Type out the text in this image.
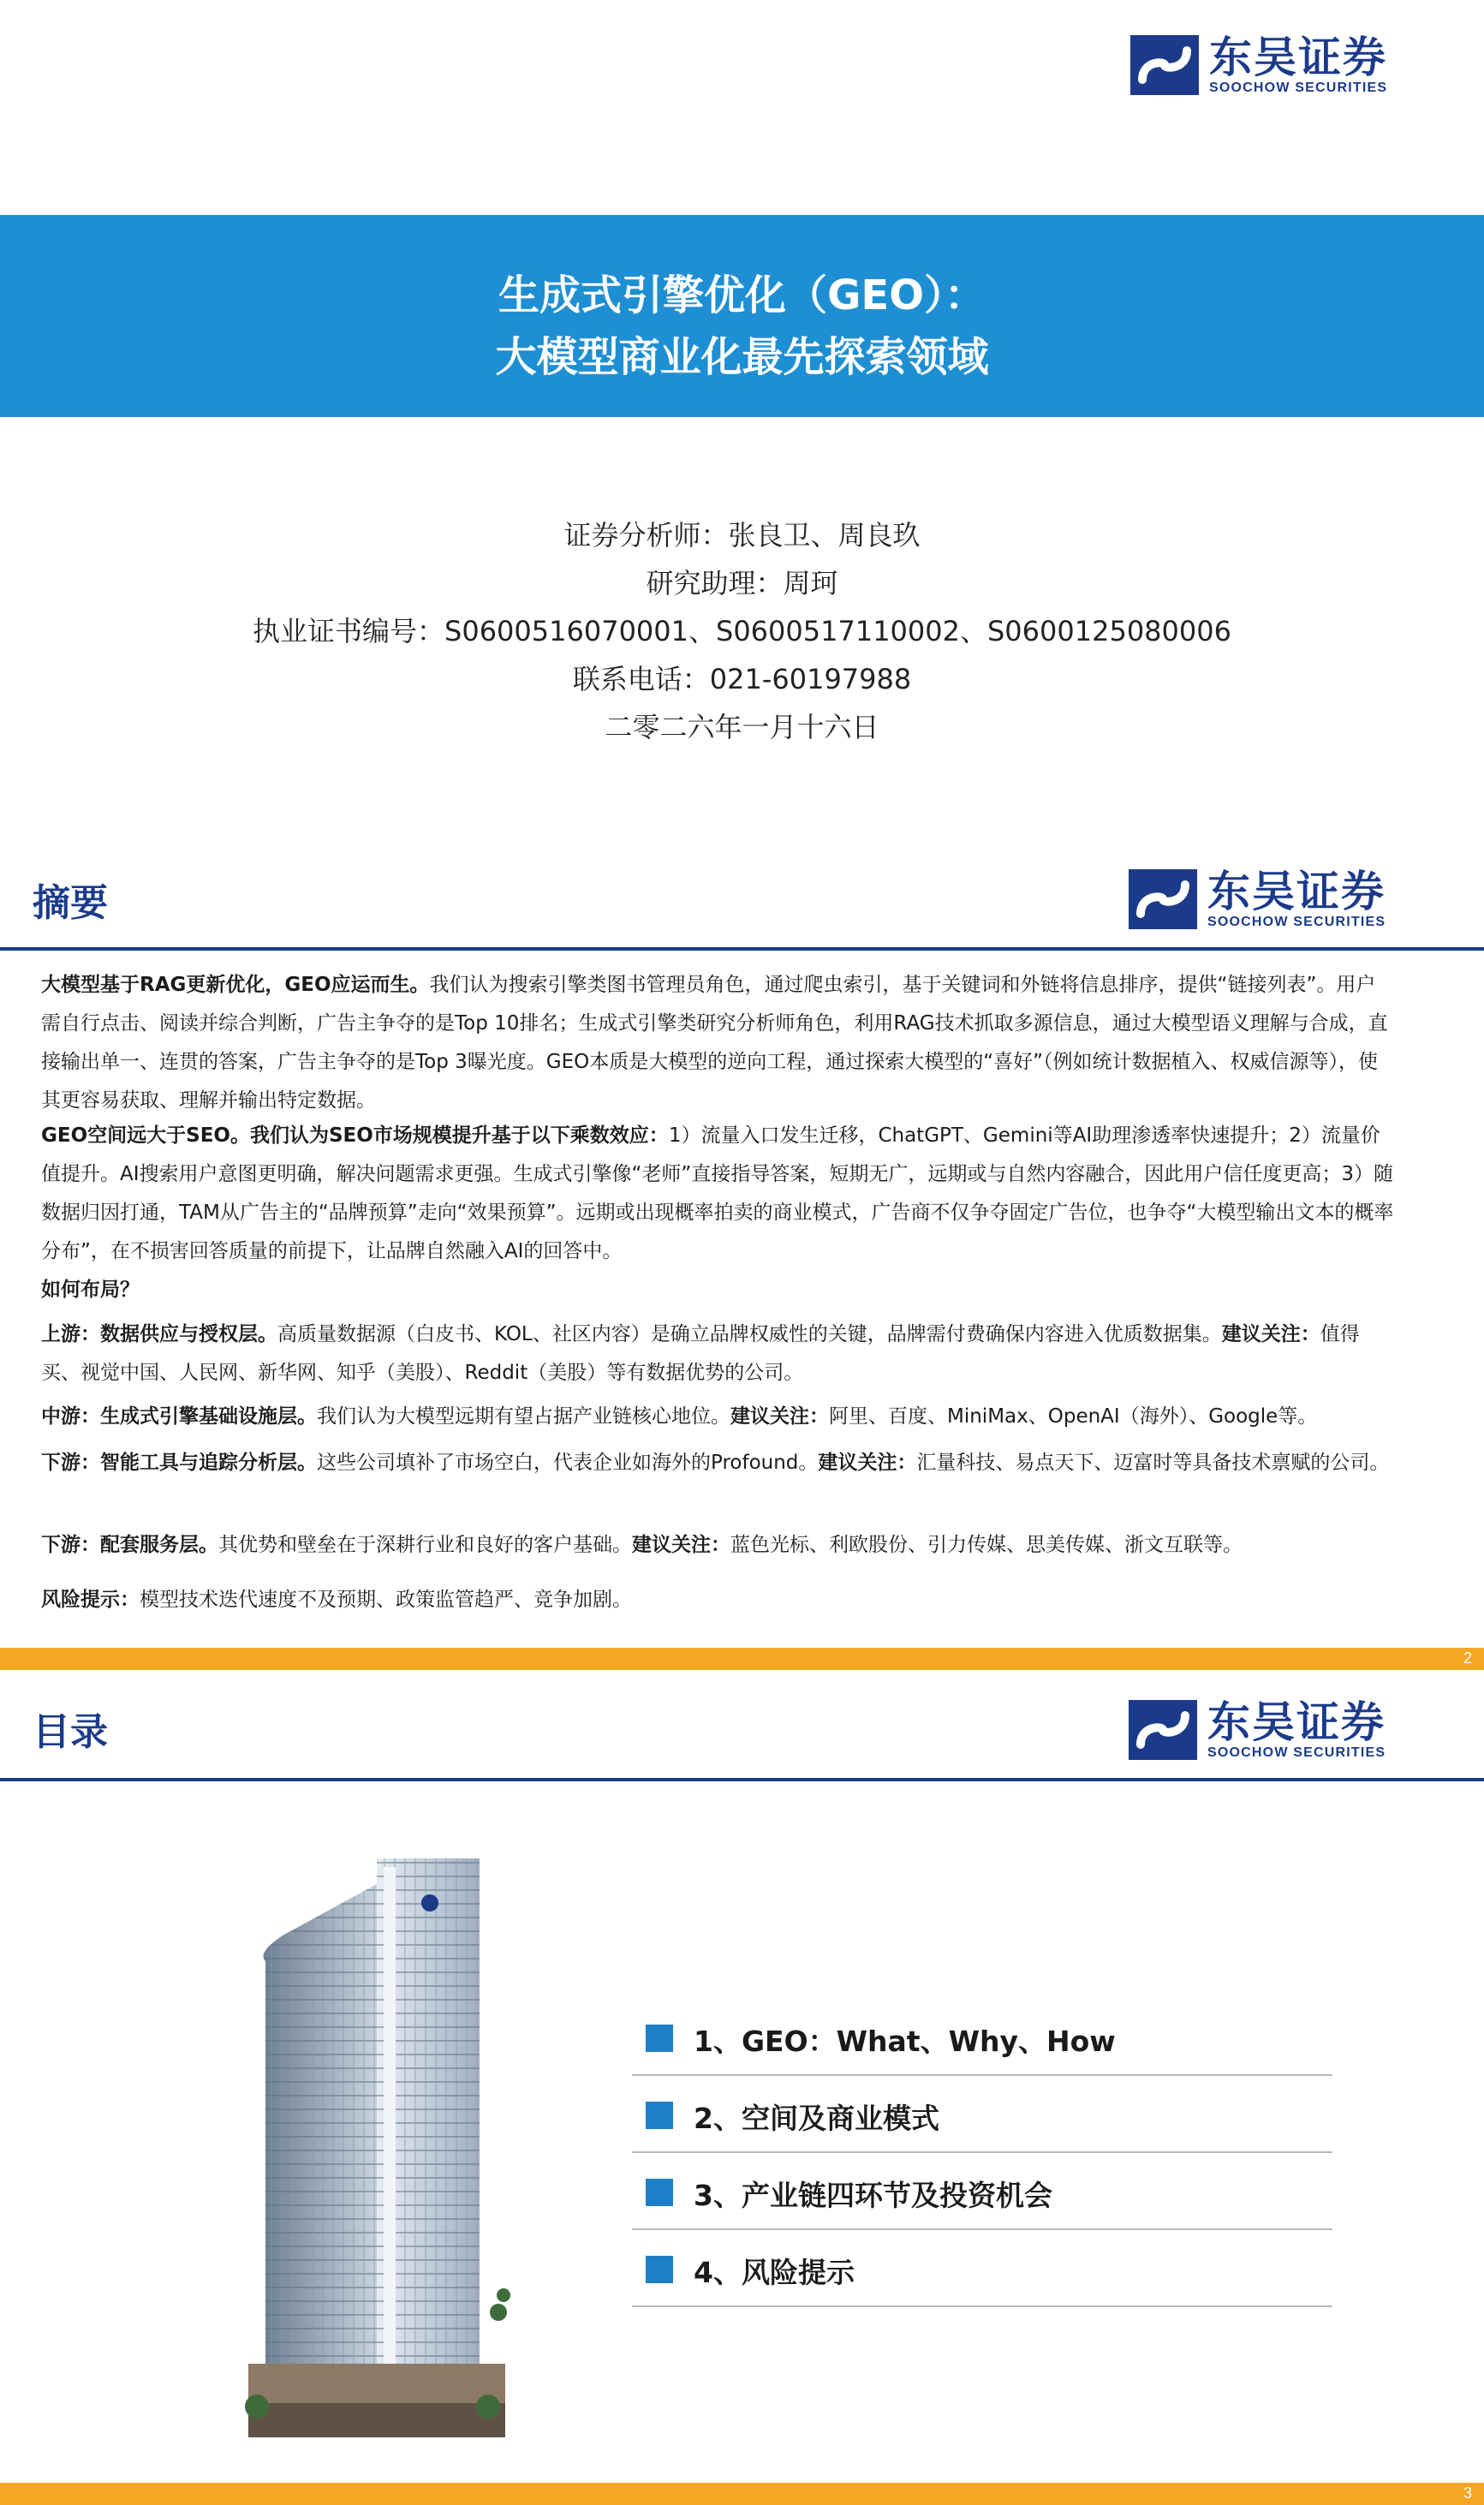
东吴证券
SOOCHOW SECURITIES
生成式引擎优化（GEO）：
大模型商业化最先探索领域
证券分析师：张良卫、周良玖
研究助理：周珂
执业证书编号：S0600516070001、S0600517110002、S0600125080006
联系电话：021-60197988
二零二六年一月十六日
摘要	东吴证券
SOOCHOW SECURITIES
大模型基于RAG更新优化，GEO应运而生。我们认为搜索引擎类图书管理员角色，通过爬虫索引，基于关键词和外链将信息排序，提供“链接列表”。用户需自行点击、阅读并综合判断，广告主争夺的是Top 10排名；生成式引擎类研究分析师角色，利用RAG技术抓取多源信息，通过大模型语义理解与合成，直接输出单一、连贯的答案，广告主争夺的是Top 3曝光度。GEO本质是大模型的逆向工程，通过探索大模型的“喜好”（例如统计数据植入、权威信源等），使其更容易获取、理解并输出特定数据。
GEO空间远大于SEO。我们认为SEO市场规模提升基于以下乘数效应：1）流量入口发生迁移，ChatGPT、Gemini等AI助理渗透率快速提升；2）流量价值提升。AI搜索用户意图更明确，解决问题需求更强。生成式引擎像“老师”直接指导答案，短期无广，远期或与自然内容融合，因此用户信任度更高；3）随数据归因打通，TAM从广告主的“品牌预算”走向“效果预算”。远期或出现概率拍卖的商业模式，广告商不仅争夺固定广告位，也争夺“大模型输出文本的概率分布”，在不损害回答质量的前提下，让品牌自然融入AI的回答中。
如何布局？
上游：数据供应与授权层。高质量数据源（白皮书、KOL、社区内容）是确立品牌权威性的关键，品牌需付费确保内容进入优质数据集。建议关注：值得买、视觉中国、人民网、新华网、知乎（美股）、Reddit（美股）等有数据优势的公司。
中游：生成式引擎基础设施层。我们认为大模型远期有望占据产业链核心地位。建议关注：阿里、百度、MiniMax、OpenAI（海外）、Google等。
下游：智能工具与追踪分析层。这些公司填补了市场空白，代表企业如海外的Profound。建议关注：汇量科技、易点天下、迈富时等具备技术禀赋的公司。
下游：配套服务层。其优势和壁垒在于深耕行业和良好的客户基础。建议关注：蓝色光标、利欧股份、引力传媒、思美传媒、浙文互联等。
风险提示：模型技术迭代速度不及预期、政策监管趋严、竞争加剧。
2
目录	东吴证券
SOOCHOW SECURITIES
1、GEO：What、Why、How
2、空间及商业模式
3、产业链四环节及投资机会
4、风险提示
3
